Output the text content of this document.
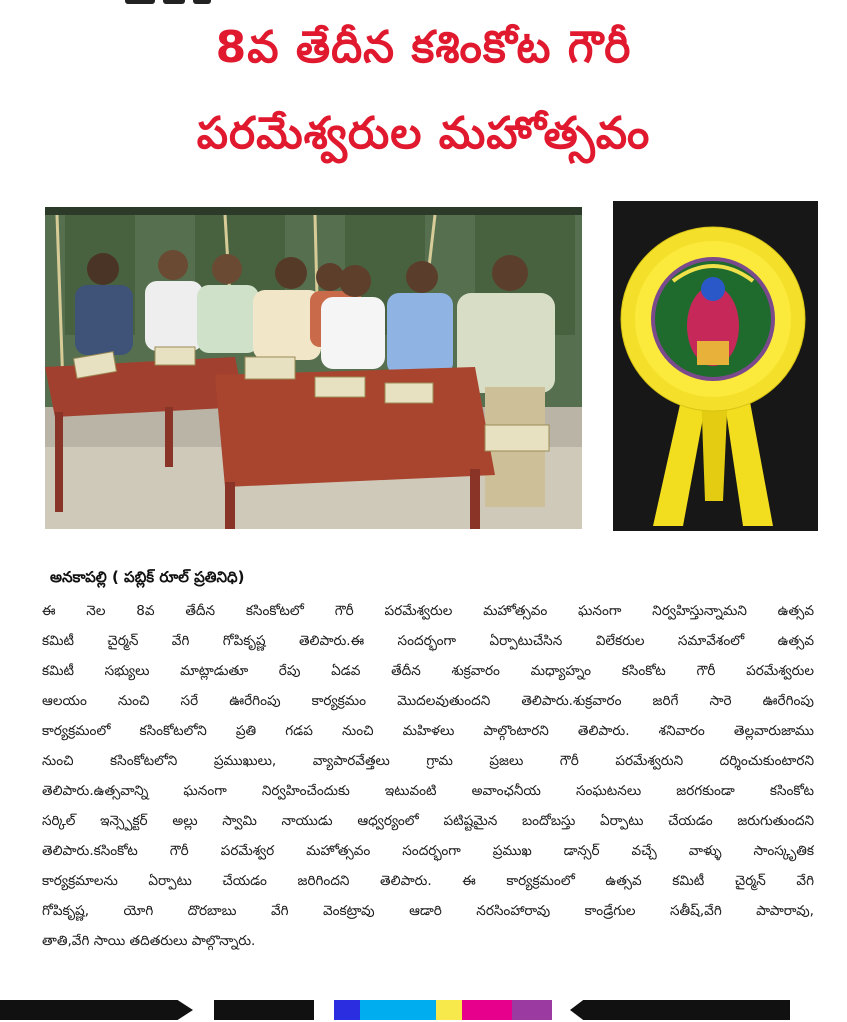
8వ తేదీన కశింకోట గౌరీ
పరమేశ్వరుల మహోత్సవం
అనకాపల్లి ( పబ్లిక్ రూల్ ప్రతినిధి)
ఈ నెల 8వ తేదీన కసింకోటలో గౌరీ పరమేశ్వరుల మహోత్సవం ఘనంగా నిర్వహిస్తున్నామని ఉత్సవ
కమిటీ చైర్మన్ వేగి గోపికృష్ణ తెలిపారు.ఈ సందర్భంగా ఏర్పాటుచేసిన విలేకరుల సమావేశంలో ఉత్సవ
కమిటీ సభ్యులు మాట్లాడుతూ రేపు ఏడవ తేదీన శుక్రవారం మధ్యాహ్నం కసింకోట గౌరీ పరమేశ్వరుల
ఆలయం నుంచి సరే ఊరేగింపు కార్యక్రమం మొదలవుతుందని తెలిపారు.శుక్రవారం జరిగే సారె ఊరేగింపు
కార్యక్రమంలో కసింకోటలోని ప్రతి గడప నుంచి మహిళలు పాల్గొంటారని తెలిపారు. శనివారం తెల్లవారుజాము
నుంచి కసింకోటలోని ప్రముఖులు, వ్యాపారవేత్తలు గ్రామ ప్రజలు గౌరీ పరమేశ్వరుని దర్శించుకుంటారని
తెలిపారు.ఉత్సవాన్ని ఘనంగా నిర్వహించేందుకు ఇటువంటి అవాంఛనీయ సంఘటనలు జరగకుండా కసింకోట
సర్కిల్ ఇన్స్పెక్టర్ అల్లు స్వామి నాయుడు ఆధ్వర్యంలో పటిష్టమైన బందోబస్తు ఏర్పాటు చేయడం జరుగుతుందని
తెలిపారు.కసింకోట గౌరీ పరమేశ్వర మహోత్సవం సందర్భంగా ప్రముఖ డాన్సర్ వచ్చే వాళ్ళు సాంస్కృతిక
కార్యక్రమాలను ఏర్పాటు చేయడం జరిగిందని తెలిపారు. ఈ కార్యక్రమంలో ఉత్సవ కమిటీ చైర్మన్ వేగి
గోపికృష్ణ, యోగి దొరబాబు వేగి వెంకట్రావు ఆడారి నరసింహారావు కాండ్రేగుల సతీష్,వేగి పాపారావు,
తాతి,వేగి సాయి తదితరులు పాల్గొన్నారు.
